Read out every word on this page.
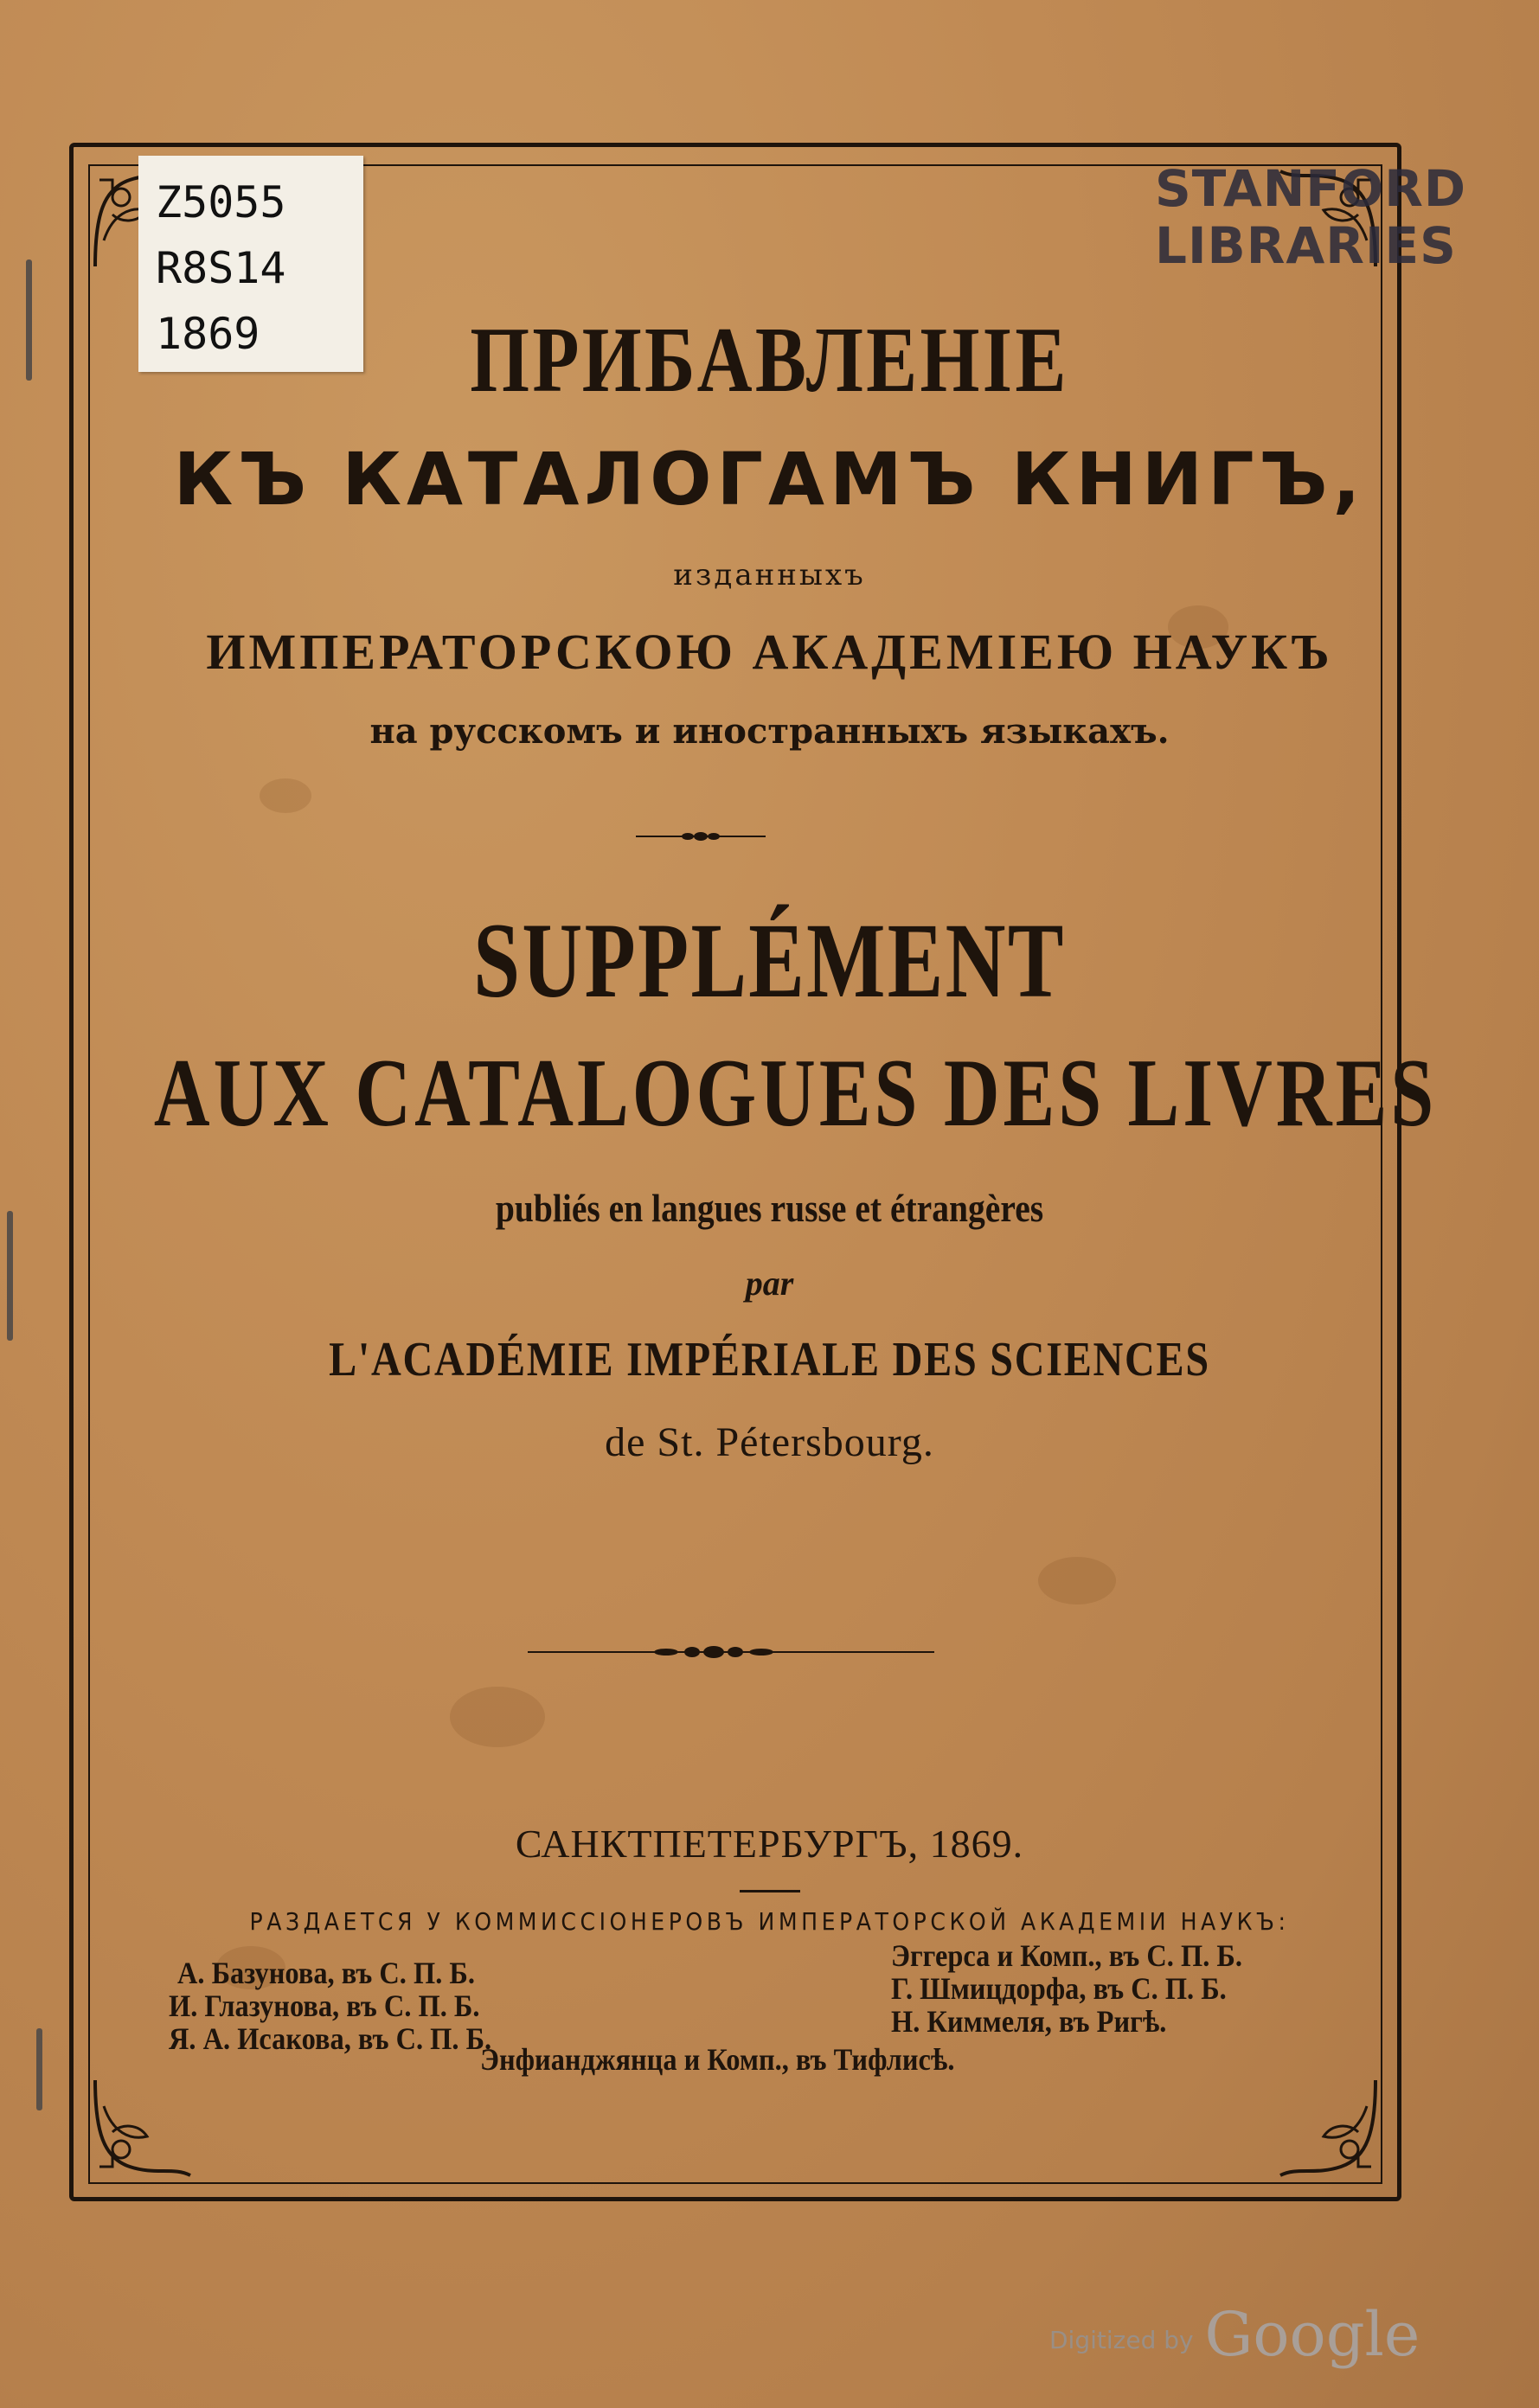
Z5055
R8S14
1869
STANFORD
LIBRARIES
ПРИБАВЛЕНІЕ
КЪ КАТАЛОГАМЪ КНИГЪ,
изданныхъ
ИМПЕРАТОРСКОЮ АКАДЕМІЕЮ НАУКЪ
на русскомъ и иностранныхъ языкахъ.
SUPPLÉMENT
AUX CATALOGUES DES LIVRES
publiés en langues russe et étrangères
par
L'ACADÉMIE IMPÉRIALE DES SCIENCES
de St. Pétersbourg.
САНКТПЕТЕРБУРГЪ, 1869.
РАЗДАЕТСЯ У КОММИССІОНЕРОВЪ ИМПЕРАТОРСКОЙ АКАДЕМІИ НАУКЪ:
А. Базунова, въ С. П. Б.
И. Глазунова, въ С. П. Б.
Я. А. Исакова, въ С. П. Б.
Эггерса и Комп., въ С. П. Б.
Г. Шмицдорфа, въ С. П. Б.
Н. Киммеля, въ Ригѣ.
Энфианджянца и Комп., въ Тифлисѣ.
Digitized by Google
